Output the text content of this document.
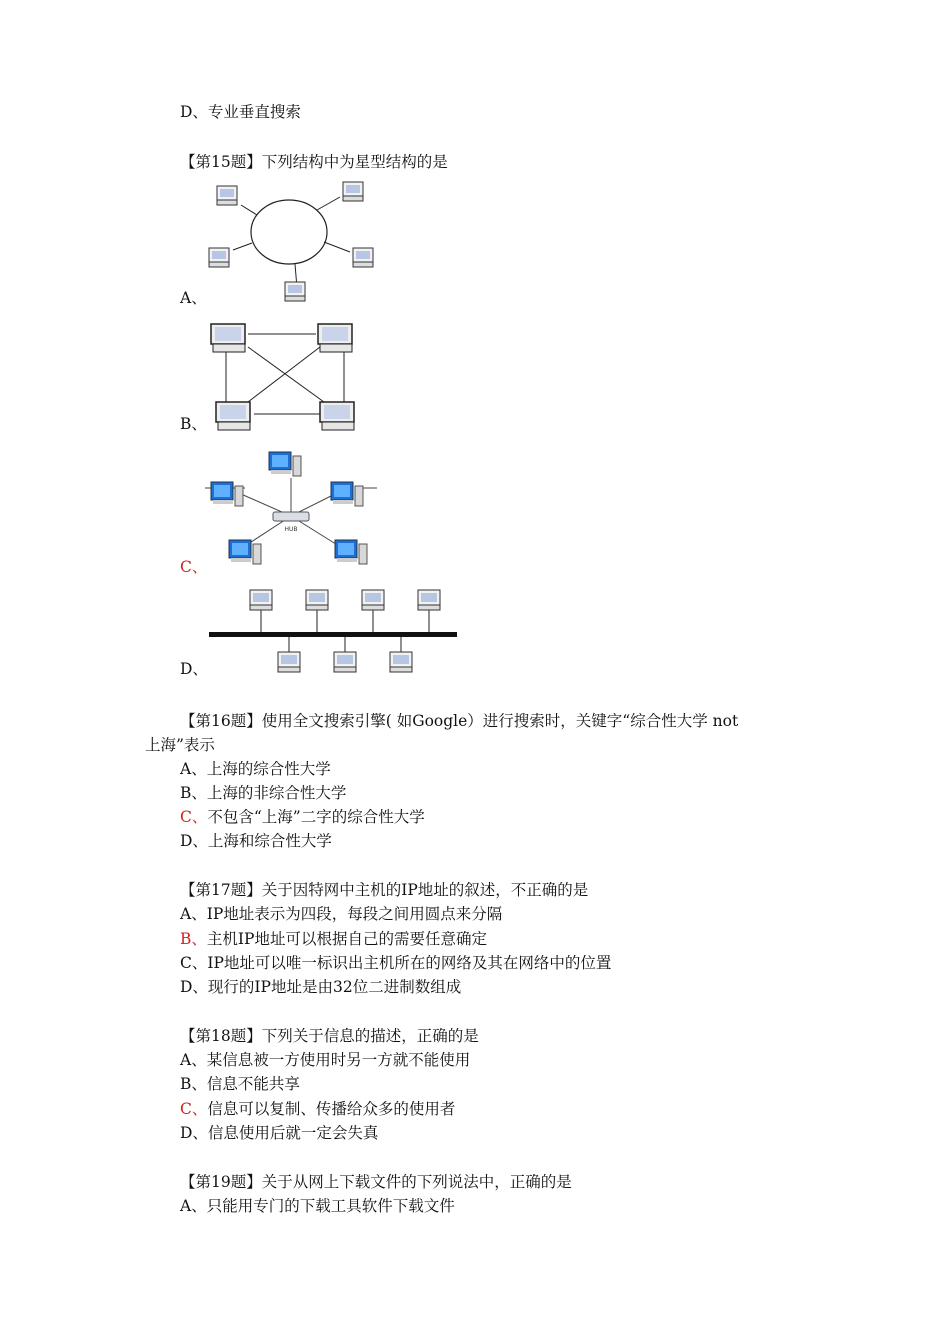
D、专业垂直搜索
【第15题】下列结构中为星型结构的是
A、
B、
HUB
C、
D、
【第16题】使用全文搜索引擎( 如Google）进行搜索时，关键字“综合性大学 not
上海”表示
A、上海的综合性大学
B、上海的非综合性大学
C、不包含“上海”二字的综合性大学
D、上海和综合性大学
【第17题】关于因特网中主机的IP地址的叙述，不正确的是
A、IP地址表示为四段，每段之间用圆点来分隔
B、主机IP地址可以根据自己的需要任意确定
C、IP地址可以唯一标识出主机所在的网络及其在网络中的位置
D、现行的IP地址是由32位二进制数组成
【第18题】下列关于信息的描述，正确的是
A、某信息被一方使用时另一方就不能使用
B、信息不能共享
C、信息可以复制、传播给众多的使用者
D、信息使用后就一定会失真
【第19题】关于从网上下载文件的下列说法中，正确的是
A、只能用专门的下载工具软件下载文件
